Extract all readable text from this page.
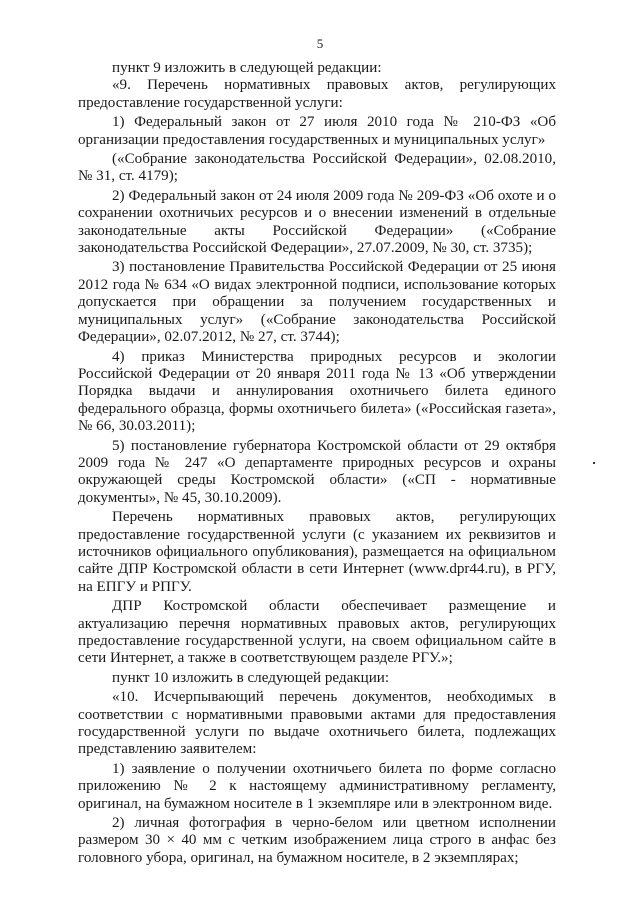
5

пункт 9 изложить в следующей редакции:

«9. Перечень нормативных правовых актов, регулирующих предоставление государственной услуги:

1) Федеральный закон от 27 июля 2010 года № 210-ФЗ «Об организации предоставления государственных и муниципальных услуг»

(«Собрание законодательства Российской Федерации», 02.08.2010, № 31, ст. 4179);

2) Федеральный закон от 24 июля 2009 года № 209-ФЗ «Об охоте и о сохранении охотничьих ресурсов и о внесении изменений в отдельные законодательные акты Российской Федерации» («Собрание законодательства Российской Федерации», 27.07.2009, № 30, ст. 3735);

3) постановление Правительства Российской Федерации от 25 июня 2012 года № 634 «О видах электронной подписи, использование которых допускается при обращении за получением государственных и муниципальных услуг» («Собрание законодательства Российской Федерации», 02.07.2012, № 27, ст. 3744);

4) приказ Министерства природных ресурсов и экологии Российской Федерации от 20 января 2011 года № 13 «Об утверждении Порядка выдачи и аннулирования охотничьего билета единого федерального образца, формы охотничьего билета» («Российская газета», № 66, 30.03.2011);

5) постановление губернатора Костромской области от 29 октября 2009 года № 247 «О департаменте природных ресурсов и охраны окружающей среды Костромской области» («СП - нормативные документы», № 45, 30.10.2009).

Перечень нормативных правовых актов, регулирующих предоставление государственной услуги (с указанием их реквизитов и источников официального опубликования), размещается на официальном сайте ДПР Костромской области в сети Интернет (www.dpr44.ru), в РГУ, на ЕПГУ и РПГУ.

ДПР Костромской области обеспечивает размещение и актуализацию перечня нормативных правовых актов, регулирующих предоставление государственной услуги, на своем официальном сайте в сети Интернет, а также в соответствующем разделе РГУ.»;

пункт 10 изложить в следующей редакции:

«10. Исчерпывающий перечень документов, необходимых в соответствии с нормативными правовыми актами для предоставления государственной услуги по выдаче охотничьего билета, подлежащих представлению заявителем:

1) заявление о получении охотничьего билета по форме согласно приложению № 2 к настоящему административному регламенту, оригинал, на бумажном носителе в 1 экземпляре или в электронном виде.

2) личная фотография в черно-белом или цветном исполнении размером 30 × 40 мм с четким изображением лица строго в анфас без головного убора, оригинал, на бумажном носителе, в 2 экземплярах;
